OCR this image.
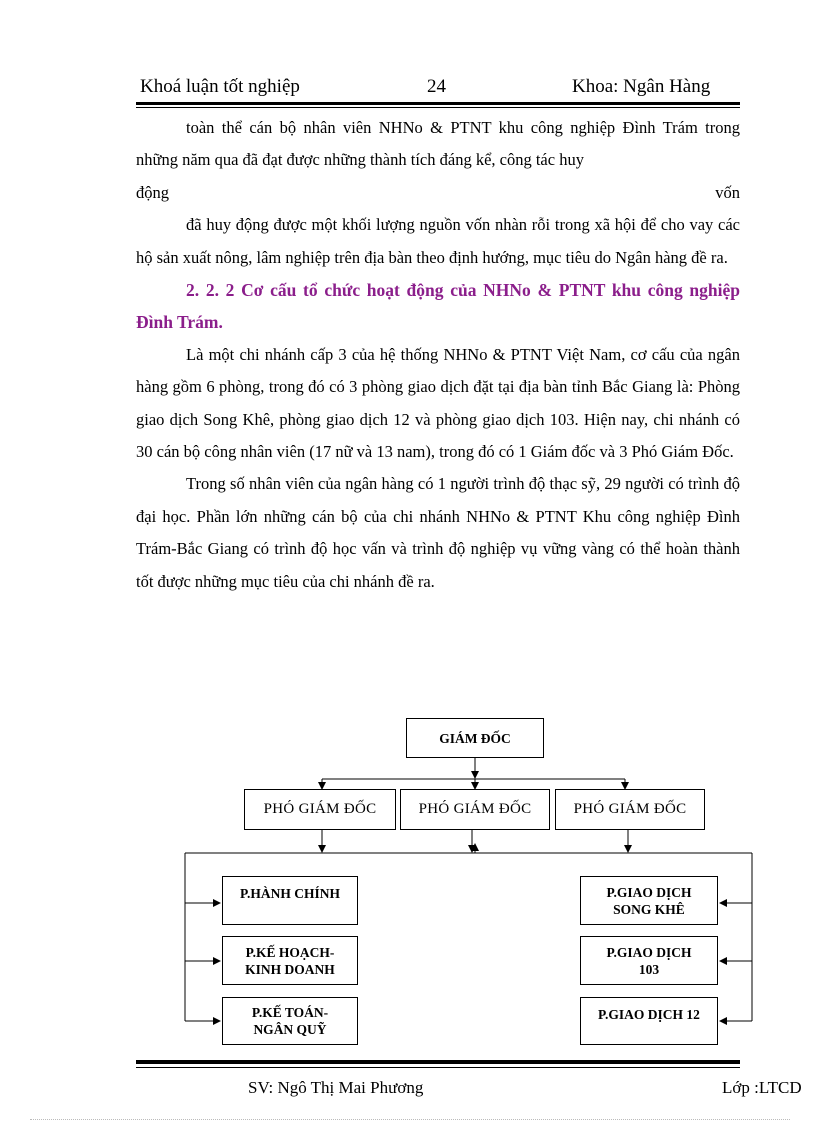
Khoá luận tốt nghiệp	24	Khoa: Ngân Hàng

toàn thể cán bộ nhân viên NHNo & PTNT khu công nghiệp Đình Trám trong những năm qua đã đạt được những thành tích đáng kể, công tác huy

động	vốn

đã huy động được một khối lượng nguồn vốn nhàn rỗi trong xã hội để cho vay các hộ sản xuất nông, lâm nghiệp trên địa bàn theo định hướng, mục tiêu do Ngân hàng đề ra.

2. 2. 2 Cơ cấu tổ chức hoạt động của NHNo & PTNT khu công nghiệp Đình Trám.

Là một chi nhánh cấp 3 của hệ thống NHNo & PTNT Việt Nam, cơ cấu của ngân hàng gồm 6 phòng, trong đó có 3 phòng giao dịch đặt tại địa bàn tỉnh Bắc Giang là: Phòng giao dịch Song Khê, phòng giao dịch 12 và phòng giao dịch 103. Hiện nay, chi nhánh có 30 cán bộ công nhân viên (17 nữ và 13 nam), trong đó có 1 Giám đốc và 3 Phó Giám Đốc.

Trong số nhân viên của ngân hàng có 1 người trình độ thạc sỹ, 29 người có trình độ đại học. Phần lớn những cán bộ của chi nhánh NHNo & PTNT Khu công nghiệp Đình Trám-Bắc Giang có trình độ học vấn và trình độ nghiệp vụ vững vàng có thể hoàn thành tốt được những mục tiêu của chi nhánh đề ra.

GIÁM ĐỐC
PHÓ GIÁM ĐỐC	PHÓ GIÁM ĐỐC	PHÓ GIÁM ĐỐC
P.HÀNH CHÍNH
P.KẾ HOẠCH-
KINH DOANH
P.KẾ TOÁN-
NGÂN QUỸ
P.GIAO DỊCH
SONG KHÊ
P.GIAO DỊCH
103
P.GIAO DỊCH 12
SV: Ngô Thị Mai Phương	Lớp :LTCD
